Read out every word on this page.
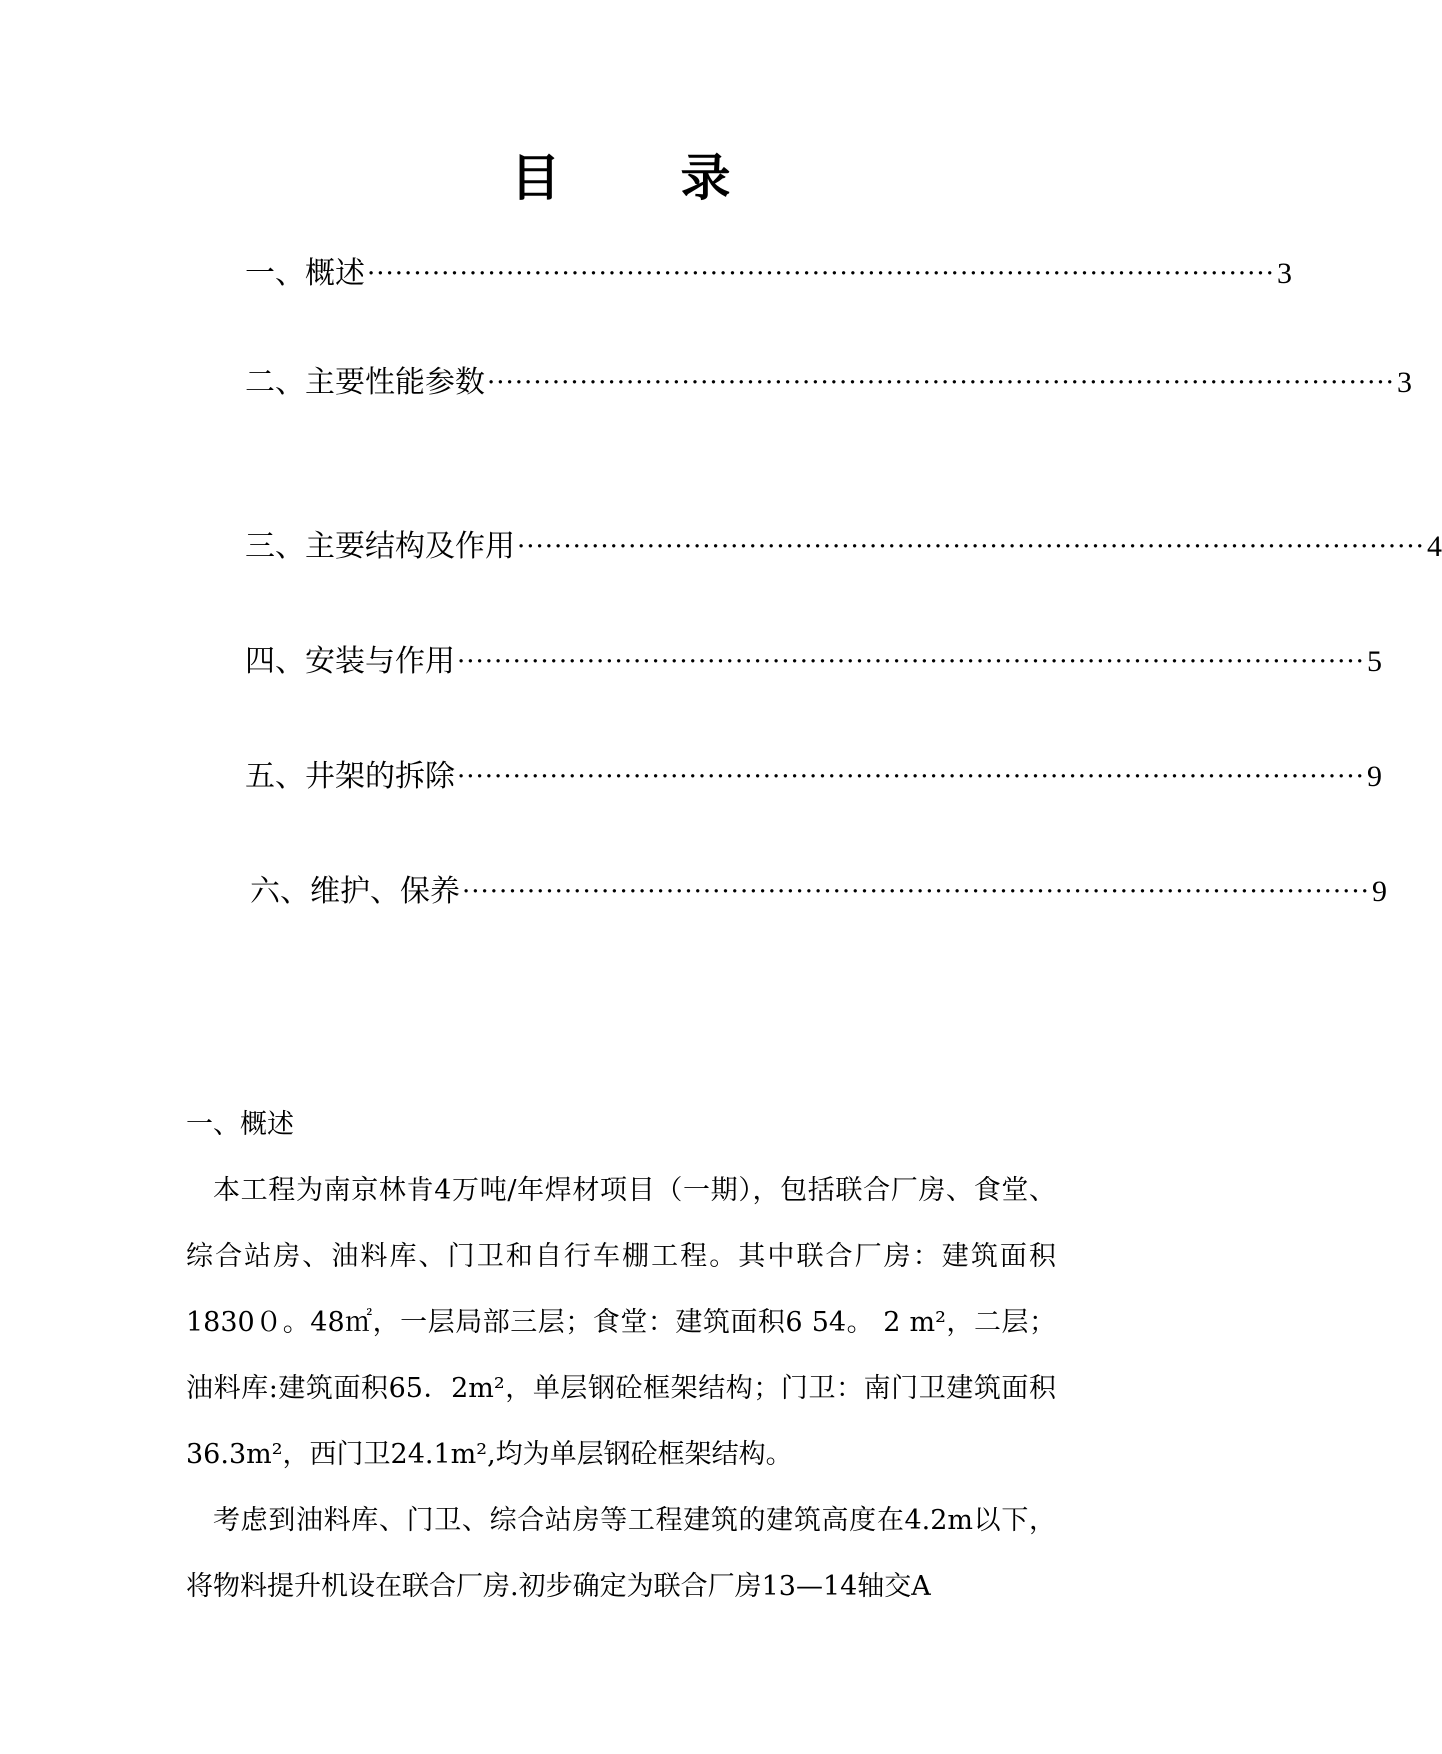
目 录
一、 概述 ·································································································· 3
二、 主要性能参数 ·································································································· 3
三、 主要结构及作用 ·································································································· 4
四、 安装与作用 ·································································································· 5
五、 井架的拆除 ·································································································· 9
六、 维护、保养 ·································································································· 9
一、概述

本工程为南京林肯4万吨/年焊材项目（一期），包括联合厂房、食堂、综合站房、油料库、门卫和自行车棚工程。其中联合厂房：建筑面积1830０。48㎡，一层局部三层；食堂：建筑面积6 54。 2 m²，二层；油料库:建筑面积65．2m²，单层钢砼框架结构；门卫：南门卫建筑面积36.3m²，西门卫24.1m²,均为单层钢砼框架结构。

考虑到油料库、门卫、综合站房等工程建筑的建筑高度在4.2m以下，将物料提升机设在联合厂房.初步确定为联合厂房13—14轴交A
